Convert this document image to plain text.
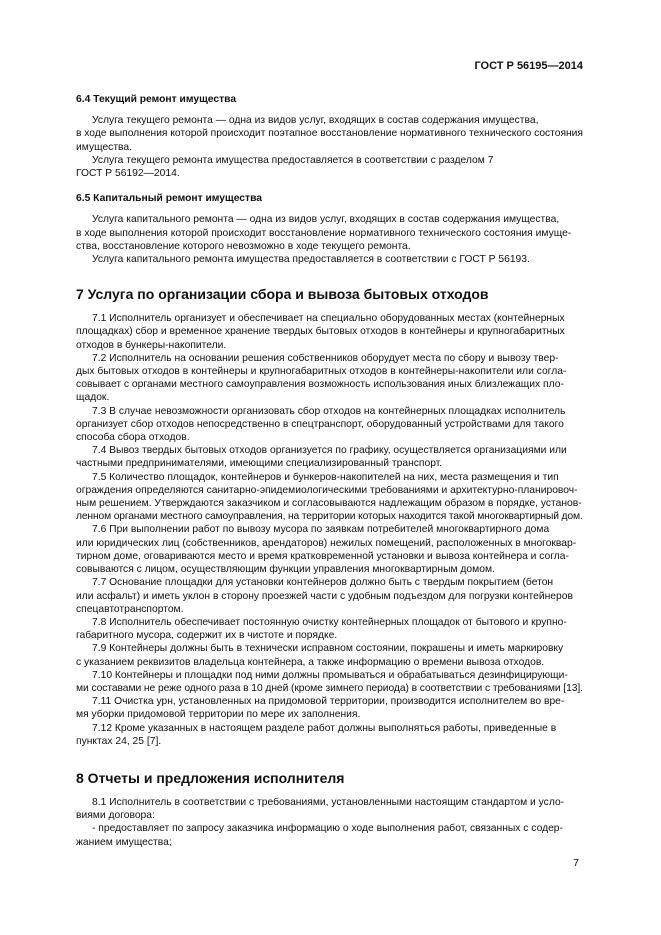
ГОСТ Р 56195—2014
6.4 Текущий ремонт имущества
Услуга текущего ремонта — одна из видов услуг, входящих в состав содержания имущества,
в ходе выполнения которой происходит поэтапное восстановление нормативного технического состояния
имущества.
Услуга текущего ремонта имущества предоставляется в соответствии с разделом 7
ГОСТ Р 56192—2014.
6.5 Капитальный ремонт имущества
Услуга капитального ремонта — одна из видов услуг, входящих в состав содержания имущества,
в ходе выполнения которой происходит восстановление нормативного технического состояния имуще-
ства, восстановление которого невозможно в ходе текущего ремонта.
Услуга капитального ремонта имущества предоставляется в соответствии с ГОСТ Р 56193.
7 Услуга по организации сбора и вывоза бытовых отходов
7.1 Исполнитель организует и обеспечивает на специально оборудованных местах (контейнерных
площадках) сбор и временное хранение твердых бытовых отходов в контейнеры и крупногабаритных
отходов в бункеры-накопители.
7.2 Исполнитель на основании решения собственников оборудует места по сбору и вывозу твер-
дых бытовых отходов в контейнеры и крупногабаритных отходов в контейнеры-накопители или согла-
совывает с органами местного самоуправления возможность использования иных близлежащих пло-
щадок.
7.3 В случае невозможности организовать сбор отходов на контейнерных площадках исполнитель
организует сбор отходов непосредственно в спецтранспорт, оборудованный устройствами для такого
способа сбора отходов.
7.4 Вывоз твердых бытовых отходов организуется по графику, осуществляется организациями или
частными предпринимателями, имеющими специализированный транспорт.
7.5 Количество площадок, контейнеров и бункеров-накопителей на них, места размещения и тип
ограждения определяются санитарно-эпидемиологическими требованиями и архитектурно-планировоч-
ным решением. Утверждаются заказчиком и согласовываются надлежащим образом в порядке, установ-
ленном органами местного самоуправления, на территории которых находится такой многоквартирный дом.
7.6 При выполнении работ по вывозу мусора по заявкам потребителей многоквартирного дома
или юридических лиц (собственников, арендаторов) нежилых помещений, расположенных в многоквар-
тирном доме, оговариваются место и время кратковременной установки и вывоза контейнера и согла-
совываются с лицом, осуществляющим функции управления многоквартирным домом.
7.7 Основание площадки для установки контейнеров должно быть с твердым покрытием (бетон
или асфальт) и иметь уклон в сторону проезжей части с удобным подъездом для погрузки контейнеров
спецавтотранспортом.
7.8 Исполнитель обеспечивает постоянную очистку контейнерных площадок от бытового и крупно-
габаритного мусора, содержит их в чистоте и порядке.
7.9 Контейнеры должны быть в технически исправном состоянии, покрашены и иметь маркировку
с указанием реквизитов владельца контейнера, а также информацию о времени вывоза отходов.
7.10 Контейнеры и площадки под ними должны промываться и обрабатываться дезинфицирующи-
ми составами не реже одного раза в 10 дней (кроме зимнего периода) в соответствии с требованиями [13].
7.11 Очистка урн, установленных на придомовой территории, производится исполнителем во вре-
мя уборки придомовой территории по мере их заполнения.
7.12 Кроме указанных в настоящем разделе работ должны выполняться работы, приведенные в
пунктах 24, 25 [7].
8 Отчеты и предложения исполнителя
8.1 Исполнитель в соответствии с требованиями, установленными настоящим стандартом и усло-
виями договора:
- предоставляет по запросу заказчика информацию о ходе выполнения работ, связанных с содер-
жанием имущества;
7
